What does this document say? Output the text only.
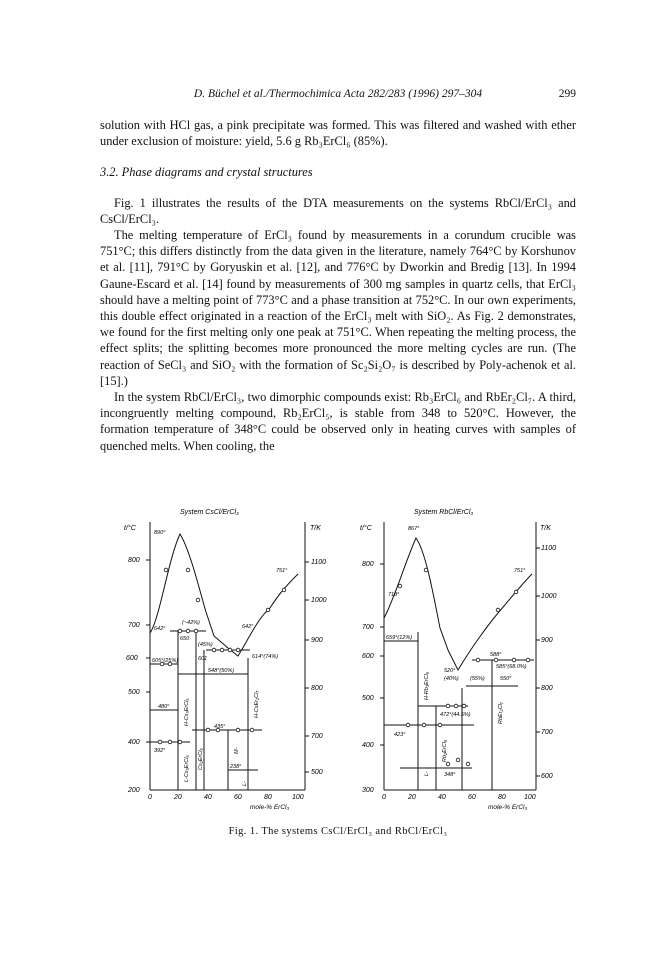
D. Büchel et al./Thermochimica Acta 282/283 (1996) 297–304	299

solution with HCl gas, a pink precipitate was formed. This was filtered and washed with ether under exclusion of moisture: yield, 5.6 g Rb₃ErCl₆ (85%).

3.2. Phase diagrams and crystal structures

Fig. 1 illustrates the results of the DTA measurements on the systems RbCl/ErCl₃ and CsCl/ErCl₃.

The melting temperature of ErCl₃ found by measurements in a corundum crucible was 751°C; this differs distinctly from the data given in the literature, namely 764°C by Korshunov et al. [11], 791°C by Goryuskin et al. [12], and 776°C by Dworkin and Bredig [13]. In 1994 Gaune-Escard et al. [14] found by measurements of 300 mg samples in quartz cells, that ErCl₃ should have a melting point of 773°C and a phase transition at 752°C. In our own experiments, this double effect originated in a reaction of the ErCl₃ melt with SiO₂. As Fig. 2 demonstrates, we found for the first melting only one peak at 751°C. When repeating the melting process, the effect splits; the splitting becomes more pronounced the more melting cycles are run. (The reaction of SeCl₃ and SiO₂ with the formation of Sc₂Si₂O₇ is described by Poly-achenok et al. [15].)

In the system RbCl/ErCl₃, two dimorphic compounds exist: Rb₃ErCl₆ and RbEr₂Cl₇. A third, incongruently melting compound, Rb₂ErCl₅, is stable from 348 to 520°C. However, the formation temperature of 348°C could be observed only in heating curves with samples of quenched melts. When cooling, the

System CsCl/ErCl₃
t/°C	T/K
800
700
600
500
400
200
1100
1000
900
800
700
500
0	20	40	60	80	100
mole-% ErCl₃
890°
751°
642°	642°
(~42%)
650
(45%)
601	614°(74%)
605°(25%)
548°(50%)
480°
392°
435°
238°
H-Cs₃ErCl₆
L-Cs₃ErCl₆ Cs₂ErCl₅
H-CsEr₂Cl₇
L-
M-
System RbCl/ErCl₃
t/°C	T/K
800
700
600
500
400
300
1100
1000
900
800
700
600
0	20	40	60	80	100
mole-% ErCl₃
867°
718°
751°
659°(12%)
588°
585°(68.0%)
520°
(40%) (55%)	550°
472°(44.5%)
423°
348°
H-Rb₃ErCl₆
L-
Rb₂ErCl₅
RbEr₂Cl₇
Fig. 1. The systems CsCl/ErCl₃ and RbCl/ErCl₃
